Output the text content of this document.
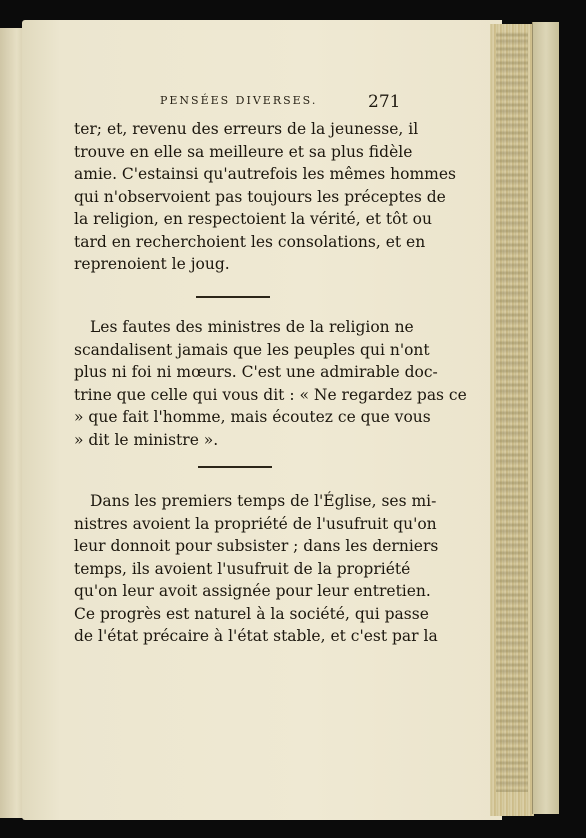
PENSÉES DIVERSES.	271
ter; et, revenu des erreurs de la jeunesse, il
trouve en elle sa meilleure et sa plus fidèle
amie. C'estainsi qu'autrefois les mêmes hommes
qui n'observoient pas toujours les préceptes de
la religion, en respectoient la vérité, et tôt ou
tard en recherchoient les consolations, et en
reprenoient le joug.
Les fautes des ministres de la religion ne
scandalisent jamais que les peuples qui n'ont
plus ni foi ni mœurs. C'est une admirable doc-
trine que celle qui vous dit : « Ne regardez pas ce
» que fait l'homme, mais écoutez ce que vous
» dit le ministre ».
Dans les premiers temps de l'Église, ses mi-
nistres avoient la propriété de l'usufruit qu'on
leur donnoit pour subsister ; dans les derniers
temps, ils avoient l'usufruit de la propriété
qu'on leur avoit assignée pour leur entretien.
Ce progrès est naturel à la société, qui passe
de l'état précaire à l'état stable, et c'est par la
